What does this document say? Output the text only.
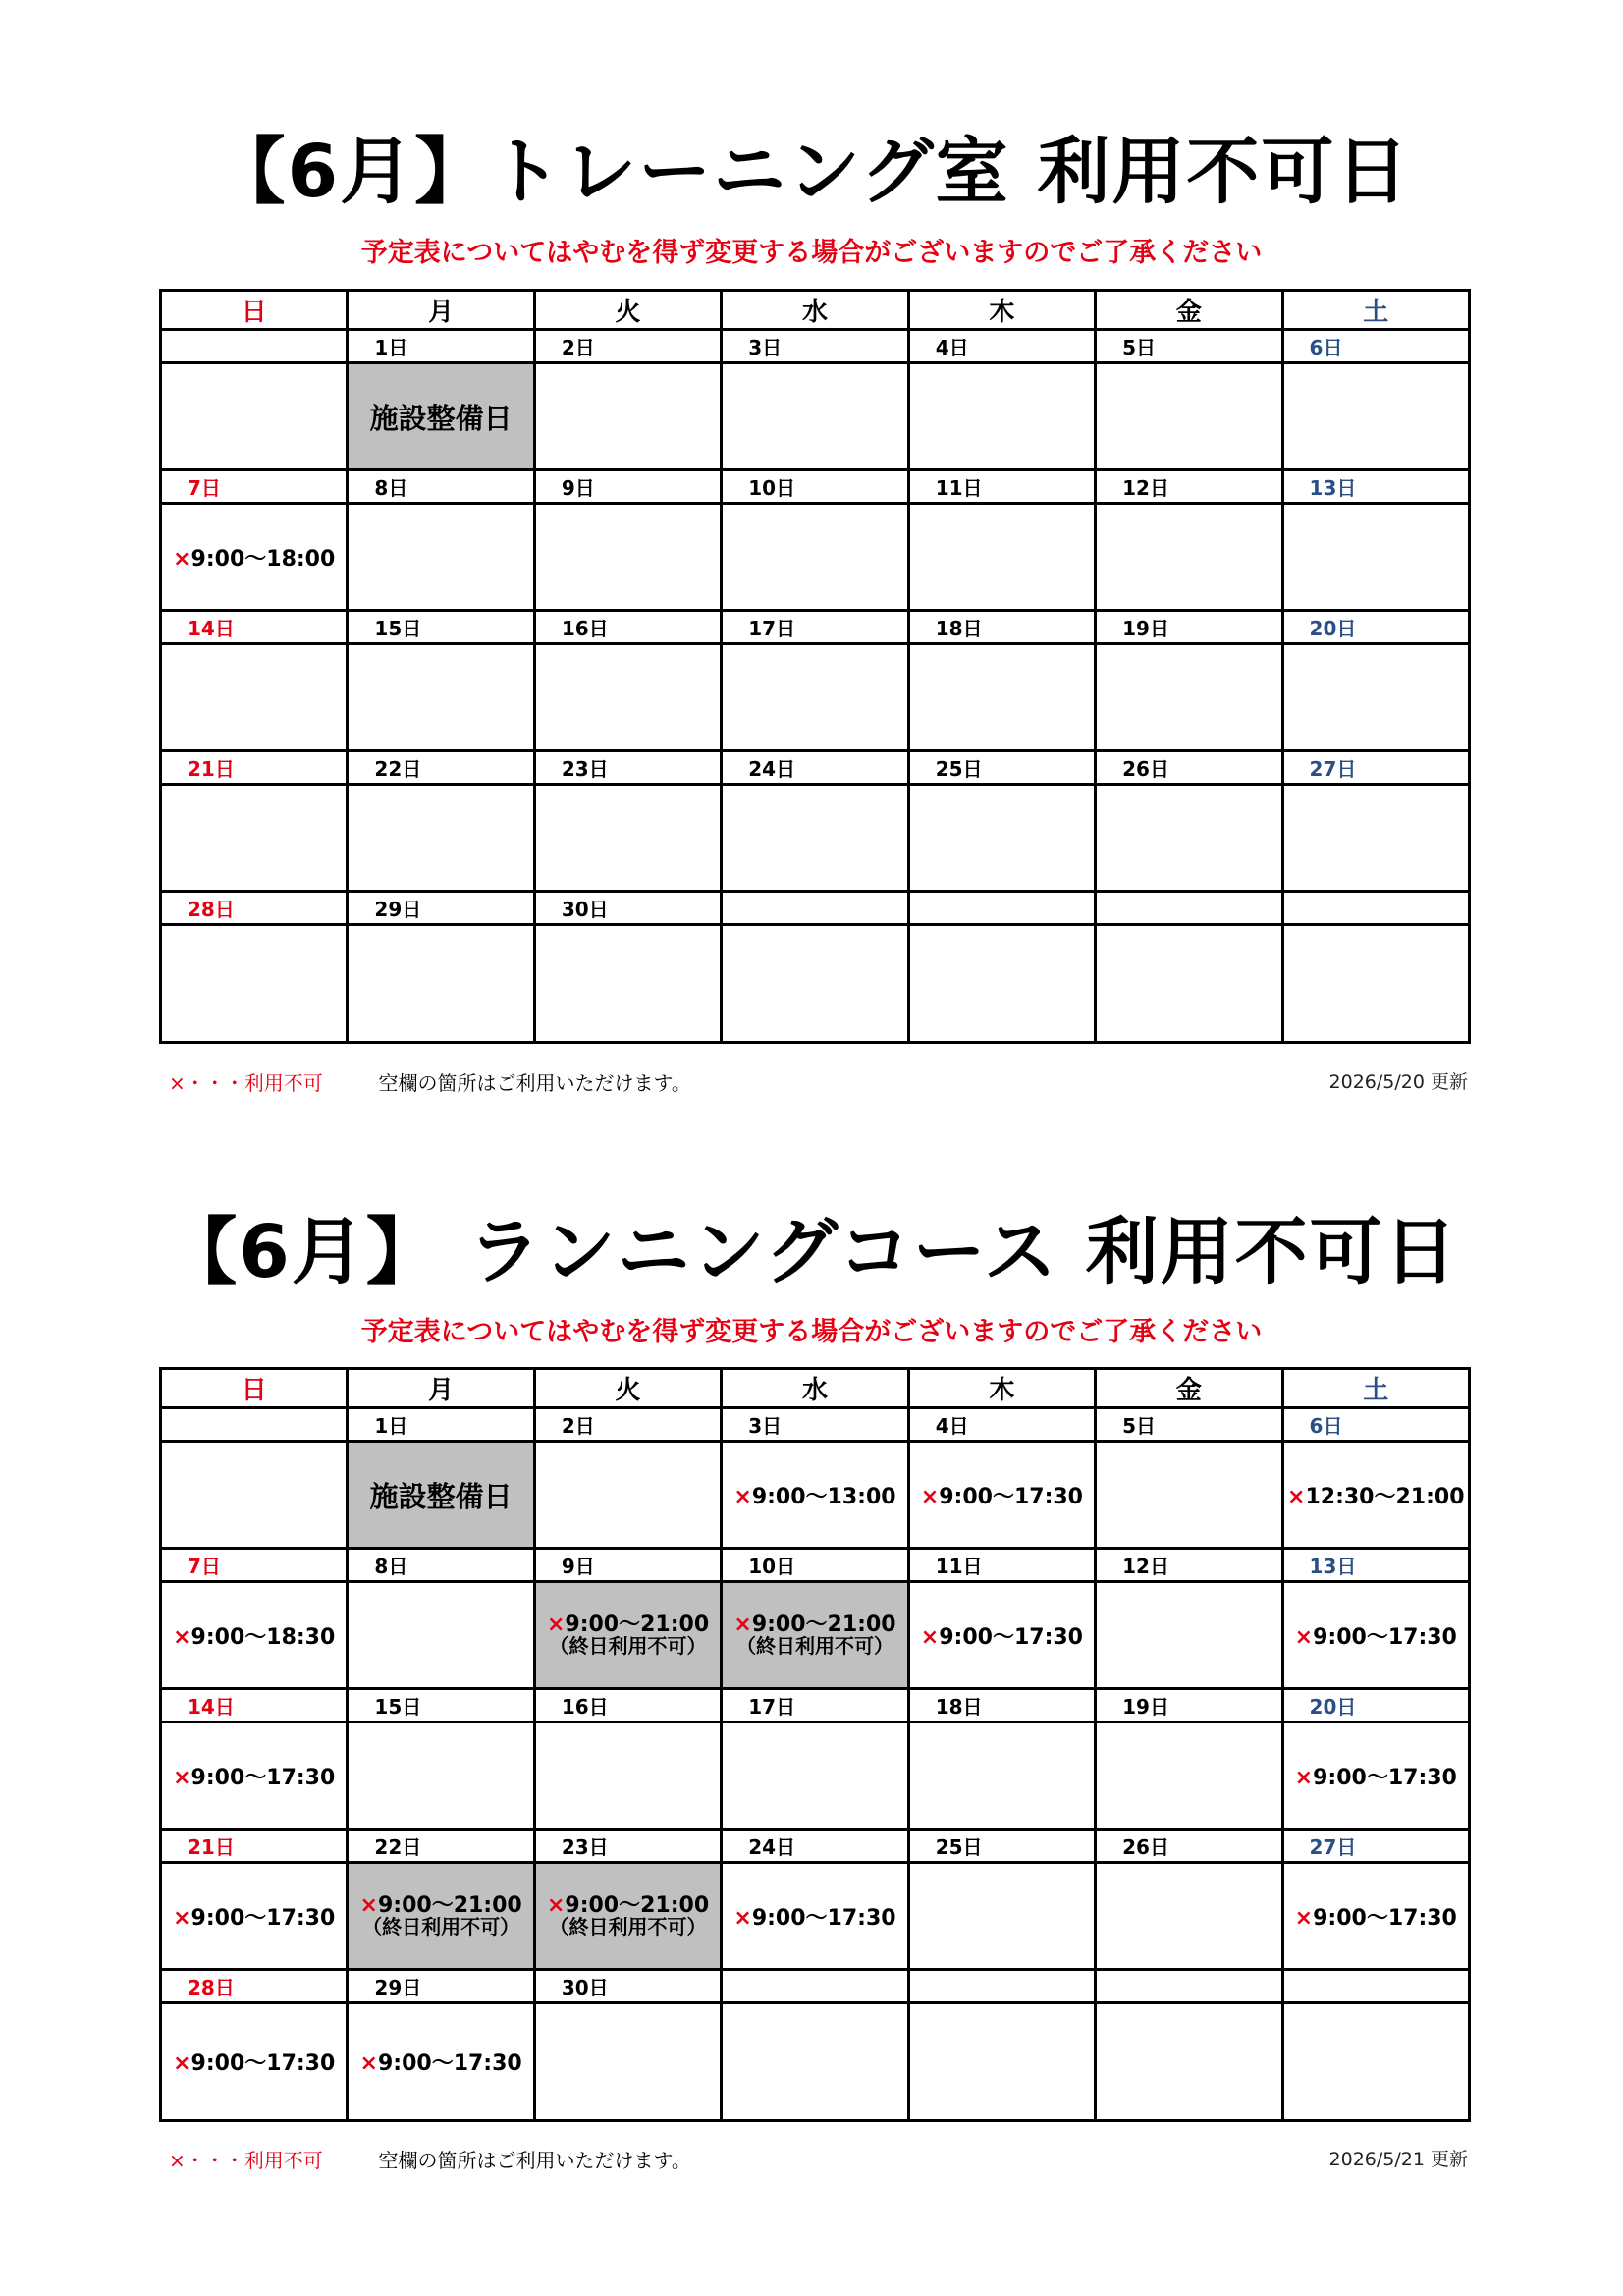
【6月】トレーニング室 利用不可日
予定表についてはやむを得ず変更する場合がございますのでご了承ください
日	月	火	水	木	金	土
	1日	2日	3日	4日	5日	6日
	施設整備日					
7日	8日	9日	10日	11日	12日	13日
×9:00～18:00						
14日	15日	16日	17日	18日	19日	20日

21日	22日	23日	24日	25日	26日	27日

28日	29日	30日				

×・・・利用不可	空欄の箇所はご利用いただけます。	2026/5/20 更新
【6月】 ランニングコース 利用不可日
予定表についてはやむを得ず変更する場合がございますのでご了承ください
日	月	火	水	木	金	土
	1日	2日	3日	4日	5日	6日
	施設整備日		×9:00～13:00	×9:00～17:30		×12:30～21:00
7日	8日	9日	10日	11日	12日	13日
×9:00～18:30		×9:00～21:00
（終日利用不可）	×9:00～21:00
（終日利用不可）	×9:00～17:30		×9:00～17:30
14日	15日	16日	17日	18日	19日	20日
×9:00～17:30						×9:00～17:30
21日	22日	23日	24日	25日	26日	27日
×9:00～17:30	×9:00～21:00
（終日利用不可）	×9:00～21:00
（終日利用不可）	×9:00～17:30			×9:00～17:30
28日	29日	30日				
×9:00～17:30	×9:00～17:30					
×・・・利用不可	空欄の箇所はご利用いただけます。	2026/5/21 更新
